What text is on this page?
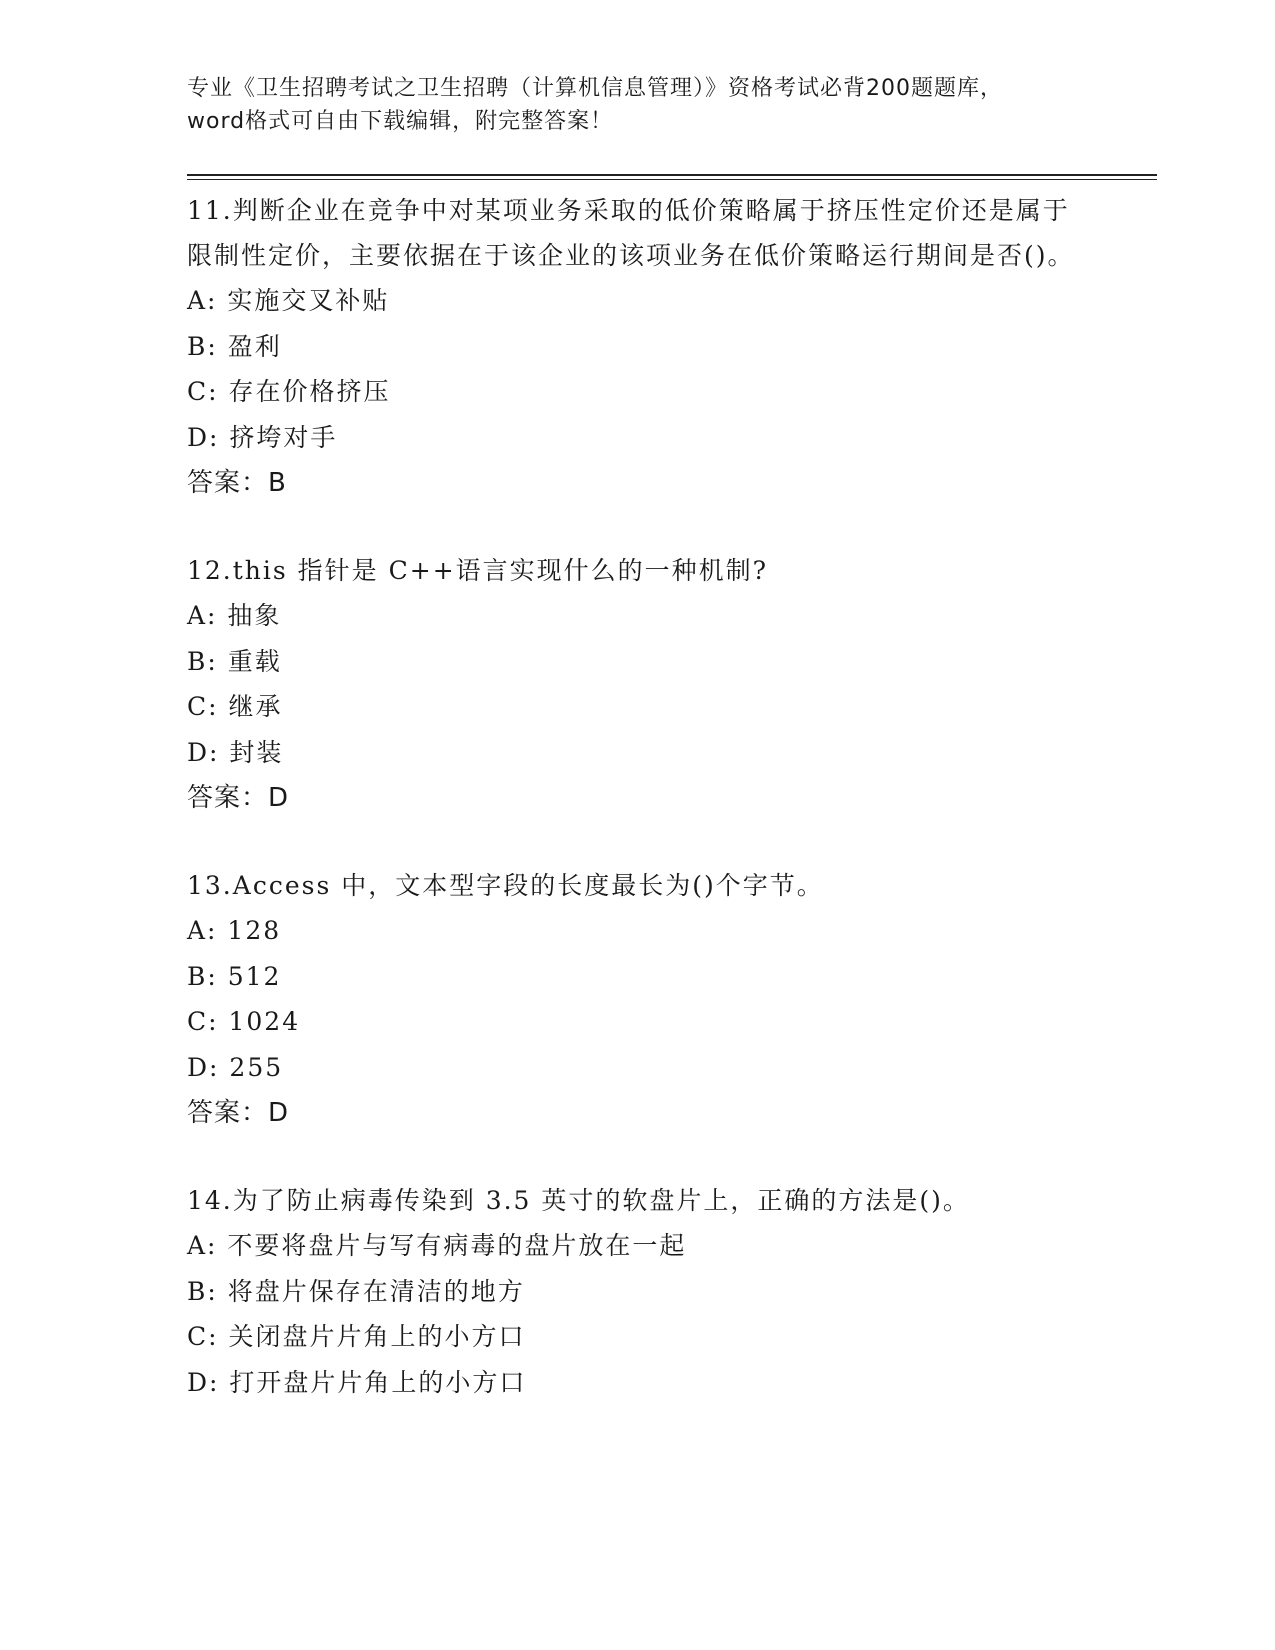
专业《卫生招聘考试之卫生招聘（计算机信息管理）》资格考试必背200题题库，
word格式可自由下载编辑，附完整答案！
11.判断企业在竞争中对某项业务采取的低价策略属于挤压性定价还是属于限制性定价，主要依据在于该企业的该项业务在低价策略运行期间是否()。
A: 实施交叉补贴
B: 盈利
C: 存在价格挤压
D: 挤垮对手
答案：B
12.this 指针是 C++语言实现什么的一种机制?
A: 抽象
B: 重载
C: 继承
D: 封装
答案：D
13.Access 中，文本型字段的长度最长为()个字节。
A: 128
B: 512
C: 1024
D: 255
答案：D
14.为了防止病毒传染到 3.5 英寸的软盘片上，正确的方法是()。
A: 不要将盘片与写有病毒的盘片放在一起
B: 将盘片保存在清洁的地方
C: 关闭盘片片角上的小方口
D: 打开盘片片角上的小方口
